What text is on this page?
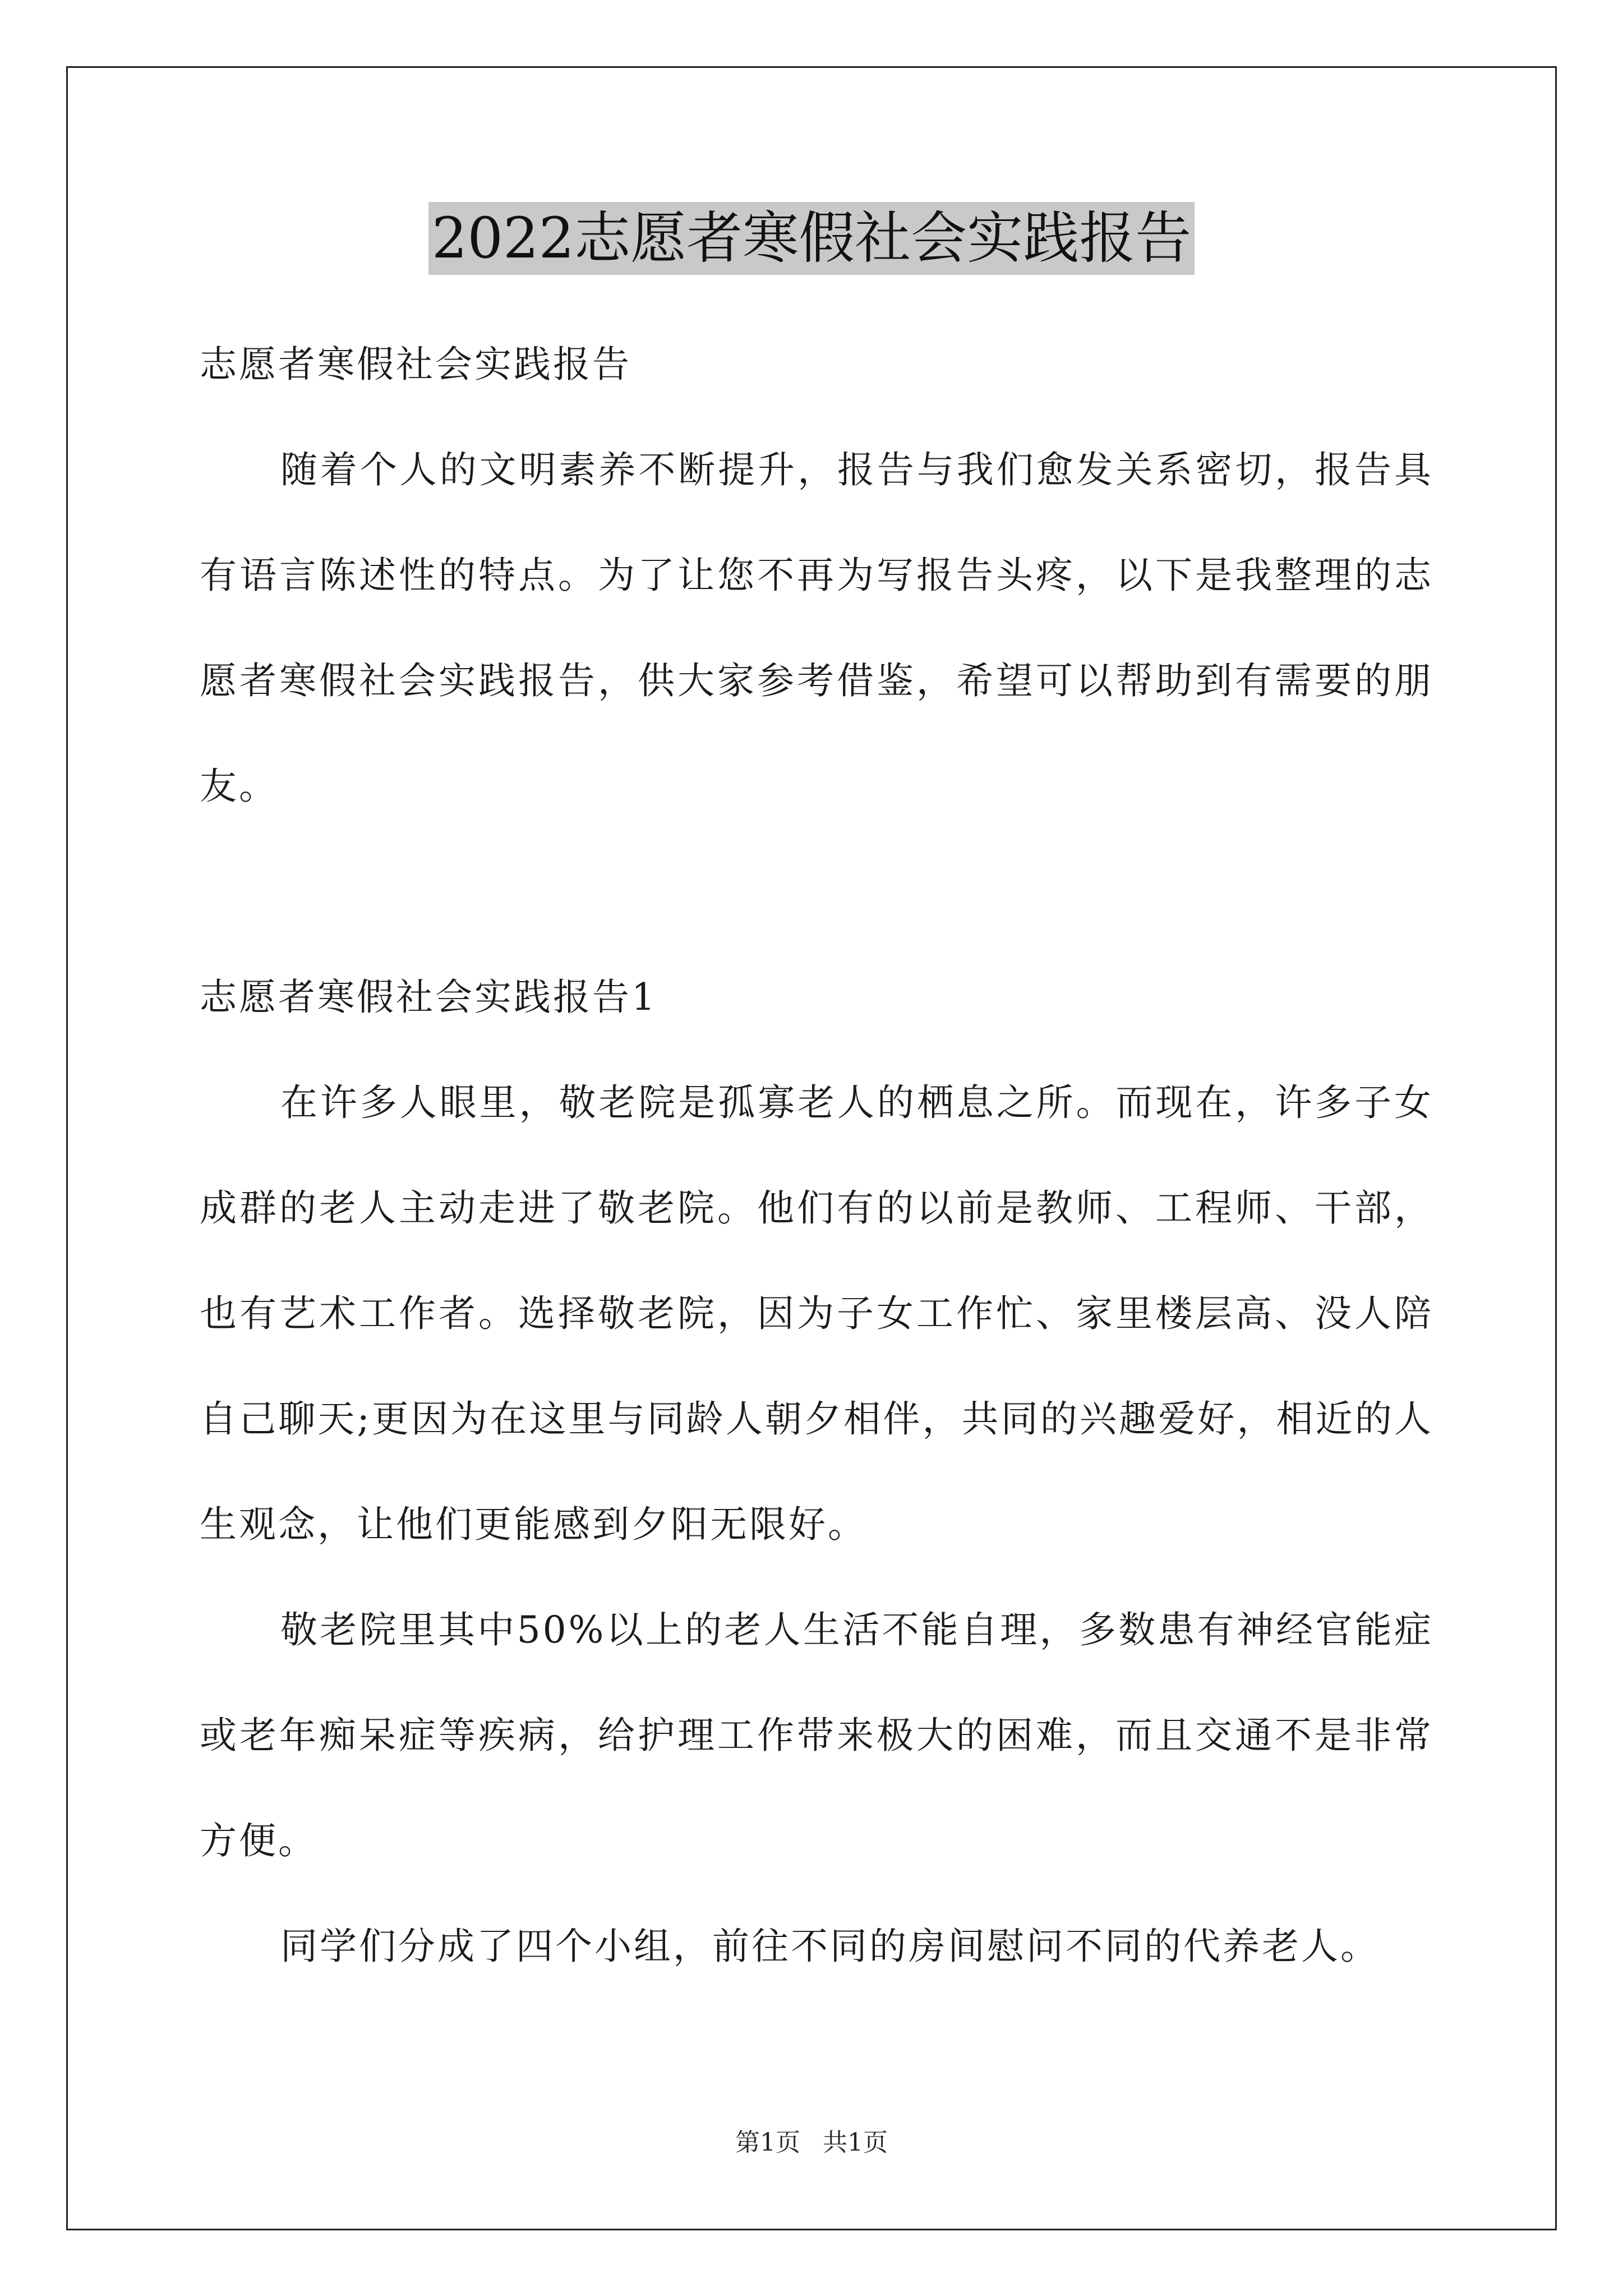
2022志愿者寒假社会实践报告

志愿者寒假社会实践报告

随着个人的文明素养不断提升，报告与我们愈发关系密切，报告具有语言陈述性的特点。为了让您不再为写报告头疼，以下是我整理的志愿者寒假社会实践报告，供大家参考借鉴，希望可以帮助到有需要的朋友。

志愿者寒假社会实践报告1

在许多人眼里，敬老院是孤寡老人的栖息之所。而现在，许多子女成群的老人主动走进了敬老院。他们有的以前是教师、工程师、干部，也有艺术工作者。选择敬老院，因为子女工作忙、家里楼层高、没人陪自己聊天;更因为在这里与同龄人朝夕相伴，共同的兴趣爱好，相近的人生观念，让他们更能感到夕阳无限好。

敬老院里其中50%以上的老人生活不能自理，多数患有神经官能症或老年痴呆症等疾病，给护理工作带来极大的困难，而且交通不是非常方便。

同学们分成了四个小组，前往不同的房间慰问不同的代养老人。

第1页 共1页
